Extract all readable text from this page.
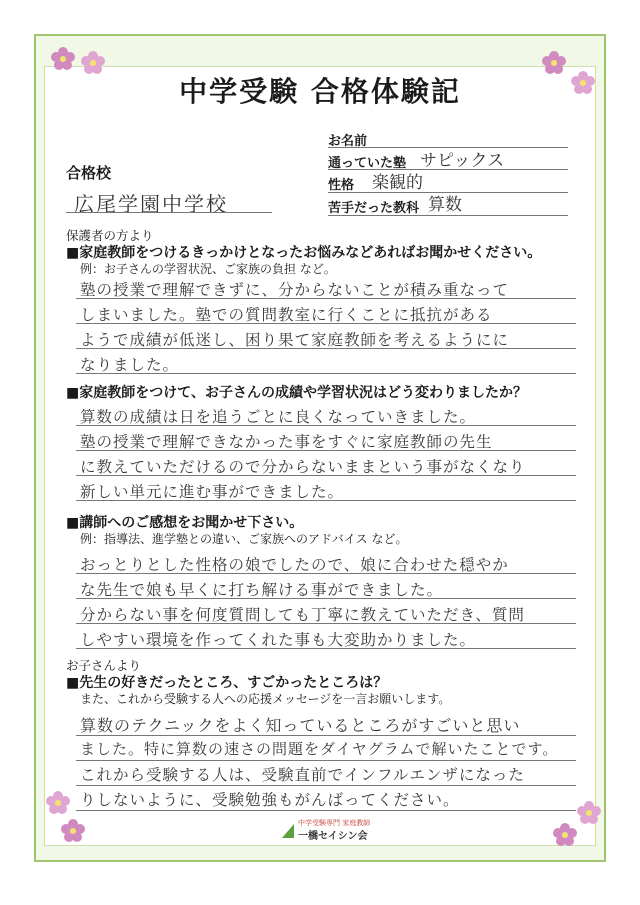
中学受験 合格体験記
お名前
通っていた塾 サピックス
性格 楽観的
苦手だった教科 算数
合格校
広尾学園中学校
保護者の方より
■家庭教師をつけるきっかけとなったお悩みなどあればお聞かせください。
例：お子さんの学習状況、ご家族の負担 など。
塾の授業で理解できずに、分からないことが積み重なって
しまいました。塾での質問教室に行くことに抵抗がある
ようで成績が低迷し、困り果て家庭教師を考えるようにに
なりました。
■家庭教師をつけて、お子さんの成績や学習状況はどう変わりましたか？
算数の成績は日を追うごとに良くなっていきました。
塾の授業で理解できなかった事をすぐに家庭教師の先生
に教えていただけるので分からないままという事がなくなり
新しい単元に進む事ができました。
■講師へのご感想をお聞かせ下さい。
例：指導法、進学塾との違い、ご家族へのアドバイス など。
おっとりとした性格の娘でしたので、娘に合わせた穏やか
な先生で娘も早くに打ち解ける事ができました。
分からない事を何度質問しても丁寧に教えていただき、質問
しやすい環境を作ってくれた事も大変助かりました。
お子さんより
■先生の好きだったところ、すごかったところは？
また、これから受験する人への応援メッセージを一言お願いします。
算数のテクニックをよく知っているところがすごいと思い
ました。特に算数の速さの問題をダイヤグラムで解いたことです。
これから受験する人は、受験直前でインフルエンザになった
りしないように、受験勉強もがんばってください。
中学受験専門 家庭教師
一橋セイシン会
